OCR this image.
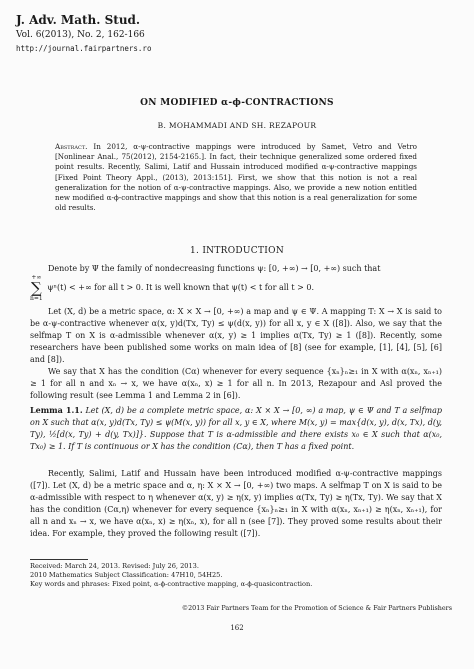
J. Adv. Math. Stud.
Vol. 6(2013), No. 2, 162-166
http://journal.fairpartners.ro
ON MODIFIED α-ϕ-CONTRACTIONS
B. MOHAMMADI AND SH. REZAPOUR
Abstract. In 2012, α-ψ-contractive mappings were introduced by Samet, Vetro and Vetro [Nonlinear Anal., 75(2012), 2154-2165.]. In fact, their technique generalized some ordered fixed point results. Recently, Salimi, Latif and Hussain introduced modified α-ψ-contractive mappings [Fixed Point Theory Appl., (2013), 2013:151]. First, we show that this notion is not a real generalization for the notion of α-ψ-contractive mappings. Also, we provide a new notion entitled new modified α-ϕ-contractive mappings and show that this notion is a real generalization for some old results.
1. INTRODUCTION
Denote by Ψ the family of nondecreasing functions ψ: [0, +∞) → [0, +∞) such that
+∞
∑
n=1 ψⁿ(t) < +∞ for all t > 0. It is well known that ψ(t) < t for all t > 0.
Let (X, d) be a metric space, α: X × X → [0, +∞) a map and ψ ∈ Ψ. A mapping T: X → X is said to be α-ψ-contractive whenever α(x, y)d(Tx, Ty) ≤ ψ(d(x, y)) for all x, y ∈ X ([8]). Also, we say that the selfmap T on X is α-admissible whenever α(x, y) ≥ 1 implies α(Tx, Ty) ≥ 1 ([8]). Recently, some researchers have been published some works on main idea of [8] (see for example, [1], [4], [5], [6] and [8]).
We say that X has the condition (Cα) whenever for every sequence {xₙ}ₙ≥₁ in X with α(xₙ, xₙ₊₁) ≥ 1 for all n and xₙ → x, we have α(xₙ, x) ≥ 1 for all n. In 2013, Rezapour and Asl proved the following result (see Lemma 1 and Lemma 2 in [6]).
Lemma 1.1. Let (X, d) be a complete metric space, α: X × X → [0, ∞) a map, ψ ∈ Ψ and T a selfmap on X such that α(x, y)d(Tx, Ty) ≤ ψ(M(x, y)) for all x, y ∈ X, where M(x, y) = max{d(x, y), d(x, Tx), d(y, Ty), ½[d(x, Ty) + d(y, Tx)]}. Suppose that T is α-admissible and there exists x₀ ∈ X such that α(x₀, Tx₀) ≥ 1. If T is continuous or X has the condition (Cα), then T has a fixed point.
Recently, Salimi, Latif and Hussain have been introduced modified α-ψ-contractive mappings ([7]). Let (X, d) be a metric space and α, η: X × X → [0, +∞) two maps. A selfmap T on X is said to be α-admissible with respect to η whenever α(x, y) ≥ η(x, y) implies α(Tx, Ty) ≥ η(Tx, Ty). We say that X has the condition (Cα,η) whenever for every sequence {xₙ}ₙ≥₁ in X with α(xₙ, xₙ₊₁) ≥ η(xₙ, xₙ₊₁), for all n and xₙ → x, we have α(xₙ, x) ≥ η(xₙ, x), for all n (see [7]). They proved some results about their idea. For example, they proved the following result ([7]).
Received: March 24, 2013. Revised: July 26, 2013.
2010 Mathematics Subject Classification: 47H10, 54H25.
Key words and phrases: Fixed point, α-ϕ-contractive mapping, α-ϕ-quasicontraction.
©2013 Fair Partners Team for the Promotion of Science & Fair Partners Publishers
162
